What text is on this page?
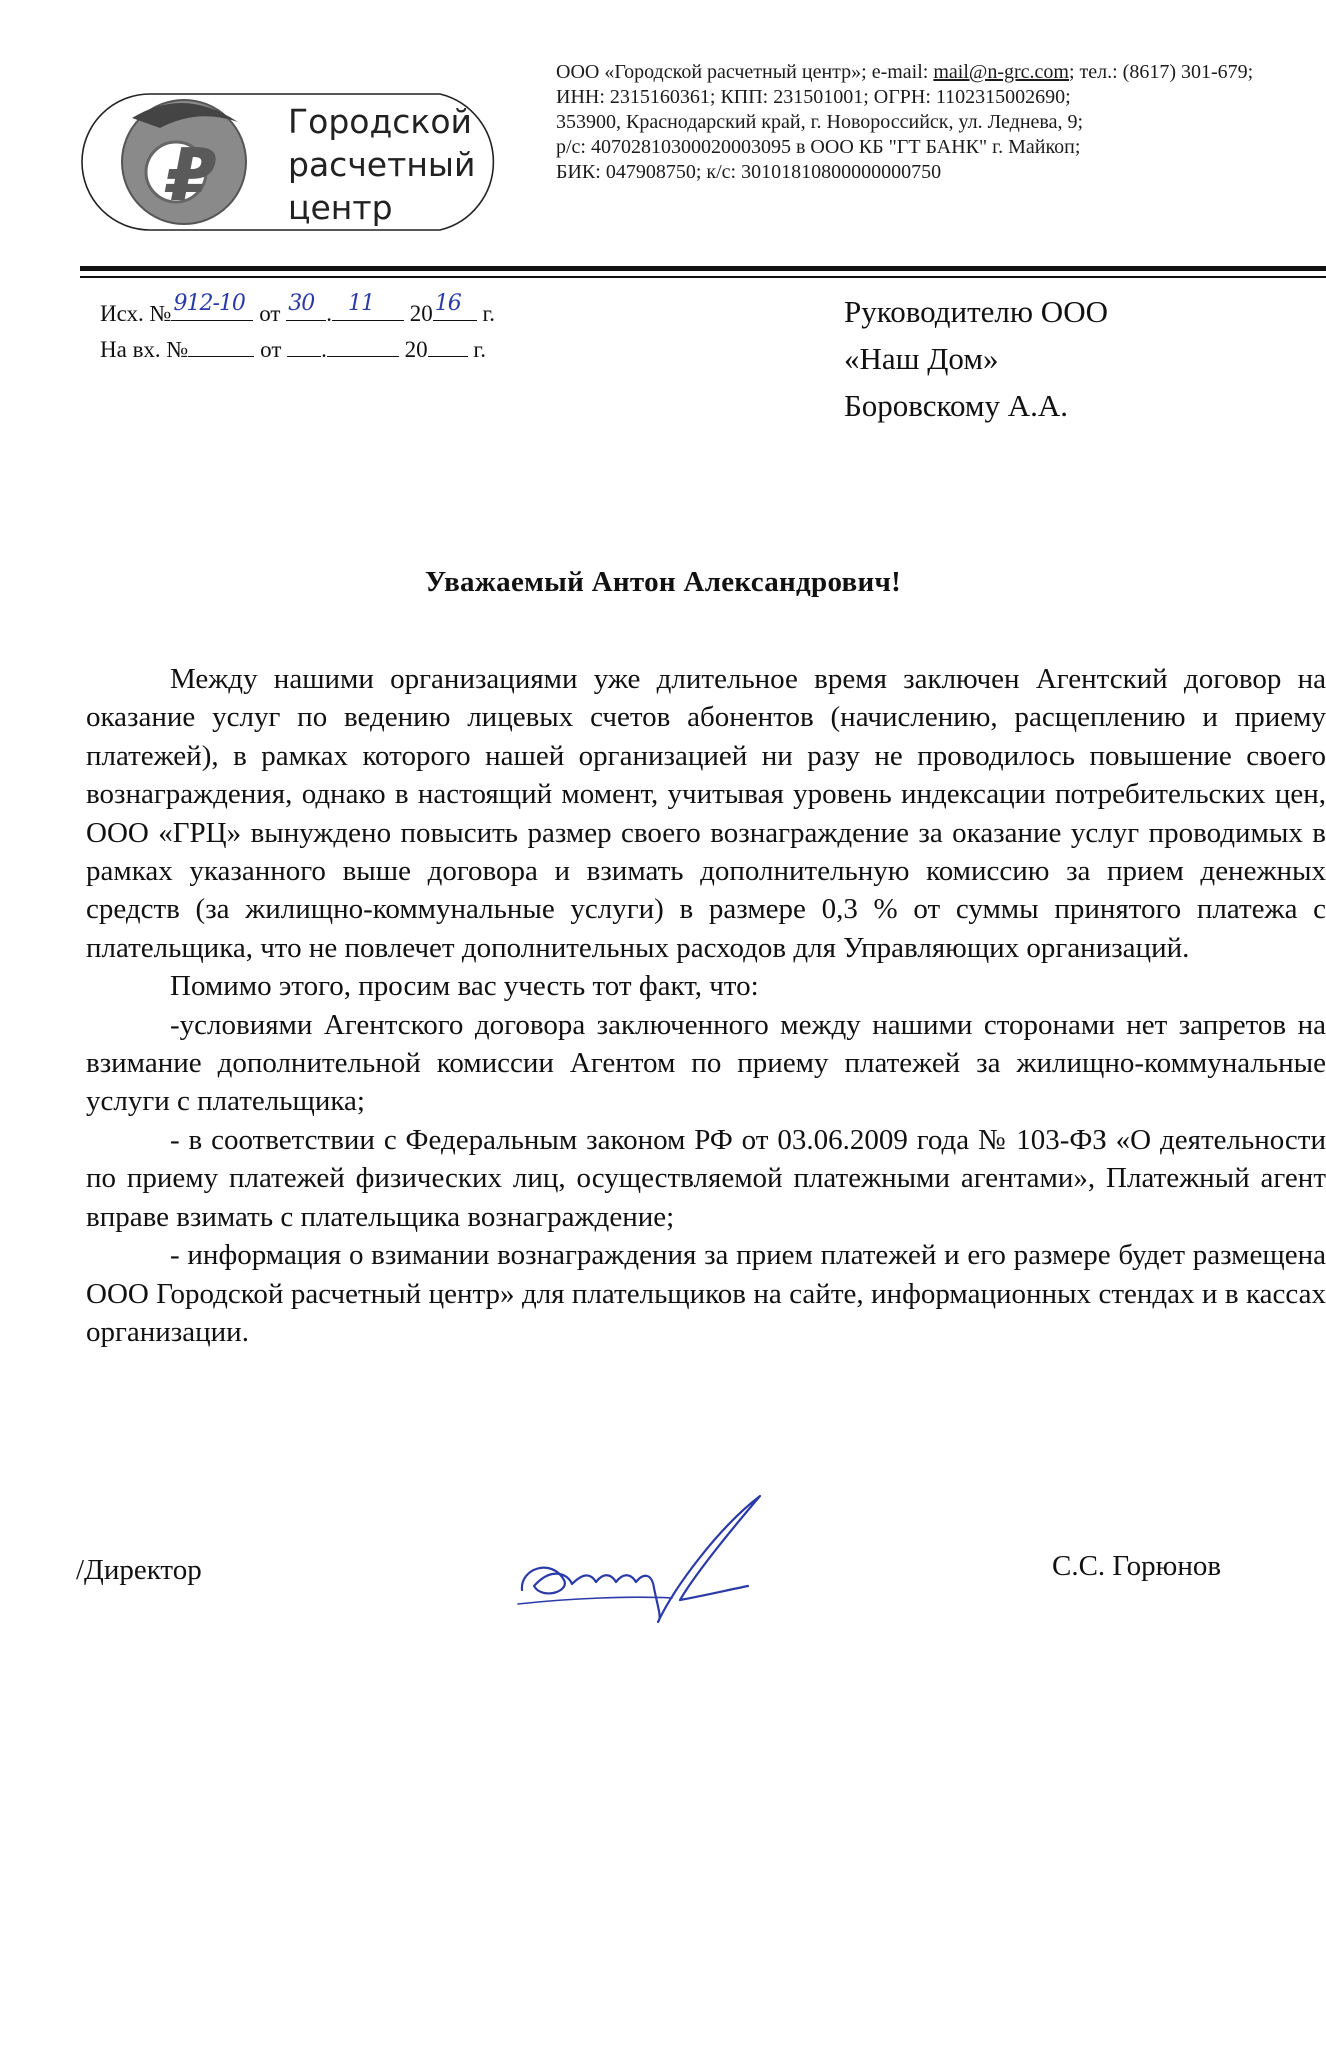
₽
Городской
расчетный
центр
ООО «Городской расчетный центр»; e-mail: mail@n-grc.com; тел.: (8617) 301-679;
ИНН: 2315160361; КПП: 231501001; ОГРН: 1102315002690;
353900, Краснодарский край, г. Новороссийск, ул. Леднева, 9;
р/с: 40702810300020003095 в ООО КБ "ГТ БАНК" г. Майкоп;
БИК: 047908750; к/с: 30101810800000000750
Исх. № 912-10 от 30 . 11 20 16 г.
На вх. №	от .	20 г.
Руководителю ООО
«Наш Дом»
Боровскому А.А.
Уважаемый Антон Александрович!

Между нашими организациями уже длительное время заключен Агентский договор на оказание услуг по ведению лицевых счетов абонентов (начислению, расщеплению и приему платежей), в рамках которого нашей организацией ни разу не проводилось повышение своего вознаграждения, однако в настоящий момент, учитывая уровень индексации потребительских цен, ООО «ГРЦ» вынуждено повысить размер своего вознаграждение за оказание услуг проводимых в рамках указанного выше договора и взимать дополнительную комиссию за прием денежных средств (за жилищно-коммунальные услуги) в размере 0,3 % от суммы принятого платежа с плательщика, что не повлечет дополнительных расходов для Управляющих организаций.

Помимо этого, просим вас учесть тот факт, что:

-условиями Агентского договора заключенного между нашими сторонами нет запретов на взимание дополнительной комиссии Агентом по приему платежей за жилищно-коммунальные услуги с плательщика;

- в соответствии с Федеральным законом РФ от 03.06.2009 года № 103-ФЗ «О деятельности по приему платежей физических лиц, осуществляемой платежными агентами», Платежный агент вправе взимать с плательщика вознаграждение;

- информация о взимании вознаграждения за прием платежей и его размере будет размещена ООО Городской расчетный центр» для плательщиков на сайте, информационных стендах и в кассах организации.

/Директор	С.С. Горюнов
